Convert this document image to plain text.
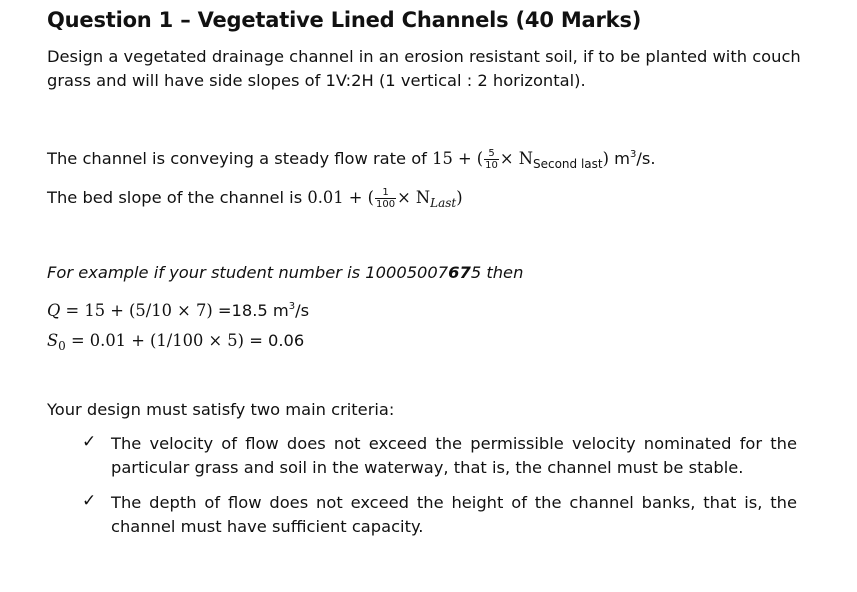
Question 1 – Vegetative Lined Channels (40 Marks)
Design a vegetated drainage channel in an erosion resistant soil, if to be planted with couch grass and will have side slopes of 1V:2H (1 vertical : 2 horizontal).
The channel is conveying a steady flow rate of 15 + ( $\frac{5}{10} \times N_{Second last}$) $m^3/s$.
The bed slope of the channel is 0.01 + ( $\frac{1}{100} \times N_{Last}$)
For example if your student number is 10005007675 then
Q = 15 + (5/10 × 7) =18.5 $m^3/s$
$S_0 = 0.01 + (1/100 \times 5) = 0.06$
Your design must satisfy two main criteria:
✓ The velocity of flow does not exceed the permissible velocity nominated for the particular grass and soil in the waterway, that is, the channel must be stable.
✓ The depth of flow does not exceed the height of the channel banks, that is, the channel must have sufficient capacity.
